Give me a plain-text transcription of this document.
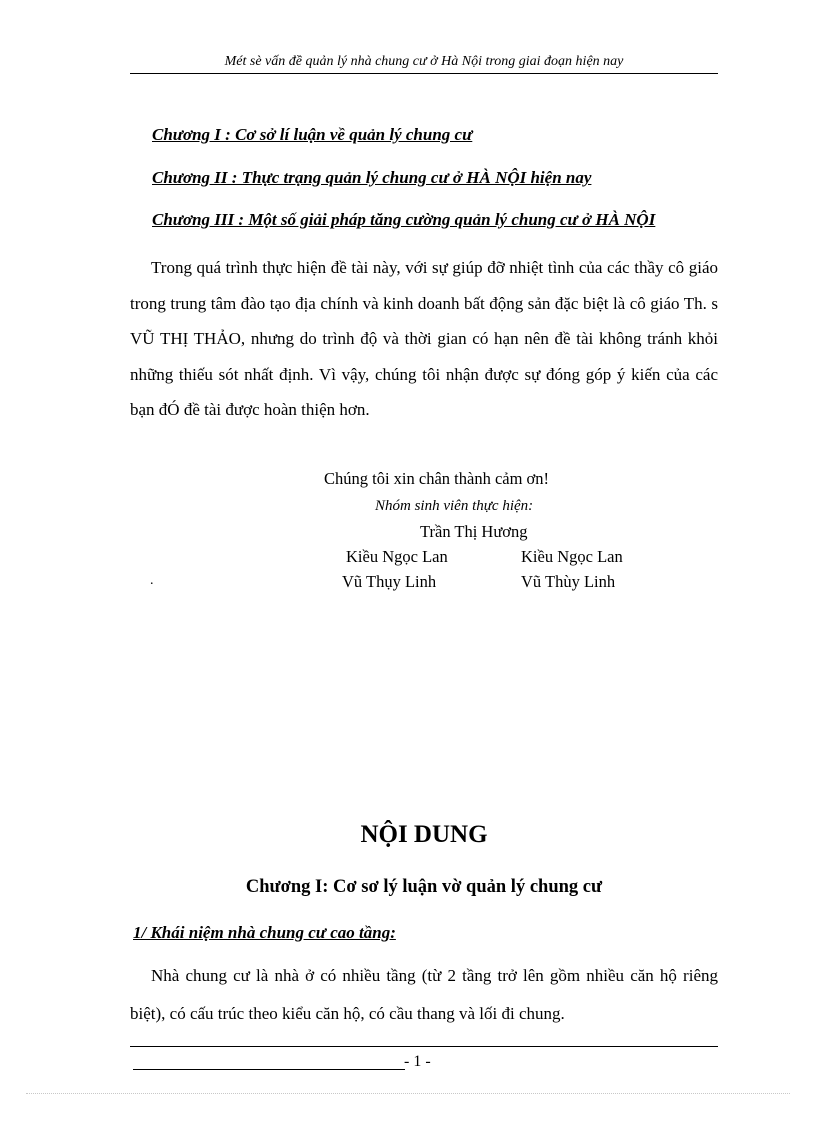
Mét sè vấn đề quản lý nhà chung cư ở Hà Nội trong giai đoạn hiện nay
Chương I : Cơ sở lí luận về quản lý chung cư
Chương II : Thực trạng quản lý chung cư ở HÀ NỘI hiện nay
Chương III : Một số giải pháp tăng cường quản lý chung cư ở HÀ NỘI

Trong quá trình thực hiện đề tài này, với sự giúp đỡ nhiệt tình của các thầy cô giáo trong trung tâm đào tạo địa chính và kinh doanh bất động sản đặc biệt là cô giáo Th. s VŨ THỊ THẢO, nhưng do trình độ và thời gian có hạn nên đề tài không tránh khỏi những thiếu sót nhất định. Vì vậy, chúng tôi nhận được sự đóng góp ý kiến của các bạn đÓ đề tài được hoàn thiện hơn.

Chúng tôi xin chân thành cảm ơn!
Nhóm sinh viên thực hiện:
Trần Thị Hương
Kiều Ngọc Lan	Kiều Ngọc Lan
Vũ Thụy Linh	Vũ Thùy Linh
.
NỘI DUNG
Chương I: Cơ sơ lý luận vờ quản lý chung cư
1/ Khái niệm nhà chung cư cao tầng:

Nhà chung cư là nhà ở có nhiều tầng (từ 2 tầng trở lên gồm nhiều căn hộ riêng biệt), có cấu trúc theo kiểu căn hộ, có cầu thang và lối đi chung.

- 1 -
